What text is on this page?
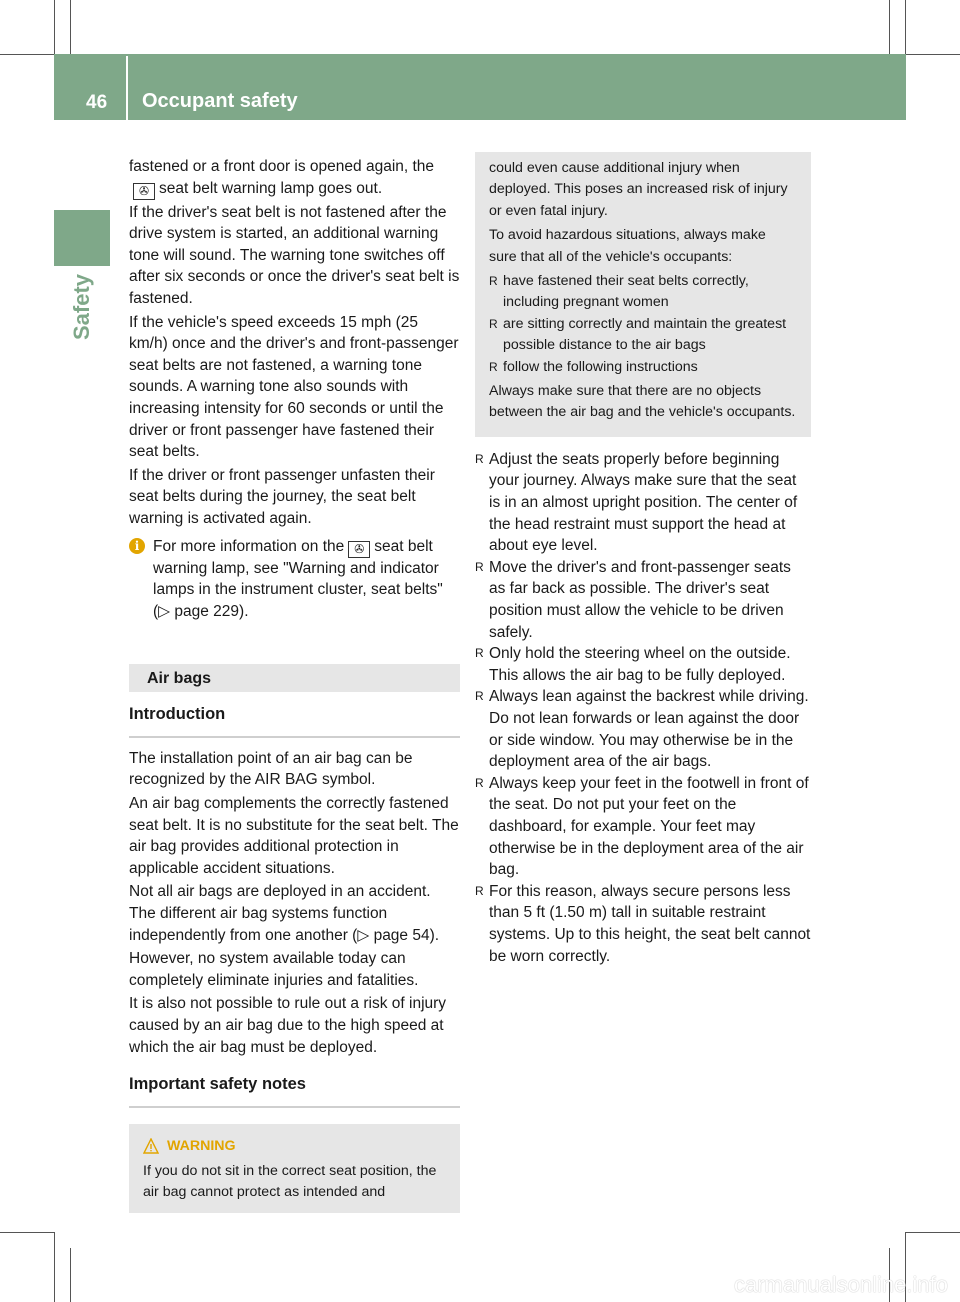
46 Occupant safety
Safety

fastened or a front door is opened again, the
✇ seat belt warning lamp goes out.

If the driver's seat belt is not fastened after the drive system is started, an additional warning tone will sound. The warning tone switches off after six seconds or once the driver's seat belt is fastened.

If the vehicle's speed exceeds 15 mph (25 km/h) once and the driver's and front-passenger seat belts are not fastened, a warning tone sounds. A warning tone also sounds with increasing intensity for 60 seconds or until the driver or front passenger have fastened their seat belts.

If the driver or front passenger unfasten their seat belts during the journey, the seat belt warning is activated again.

i For more information on the ✇ seat belt warning lamp, see "Warning and indicator lamps in the instrument cluster, seat belts" (▷ page 229).
Air bags
Introduction

The installation point of an air bag can be recognized by the AIR BAG symbol.

An air bag complements the correctly fastened seat belt. It is no substitute for the seat belt. The air bag provides additional protection in applicable accident situations.

Not all air bags are deployed in an accident. The different air bag systems function independently from one another (▷ page 54).

However, no system available today can completely eliminate injuries and fatalities.

It is also not possible to rule out a risk of injury caused by an air bag due to the high speed at which the air bag must be deployed.

Important safety notes
WARNING
If you do not sit in the correct seat position, the air bag cannot protect as intended and

could even cause additional injury when deployed. This poses an increased risk of injury or even fatal injury.

To avoid hazardous situations, always make sure that all of the vehicle's occupants:

R have fastened their seat belts correctly, including pregnant women
R are sitting correctly and maintain the greatest possible distance to the air bags
R follow the following instructions

Always make sure that there are no objects between the air bag and the vehicle's occupants.

R Adjust the seats properly before beginning your journey. Always make sure that the seat is in an almost upright position. The center of the head restraint must support the head at about eye level.
R Move the driver's and front-passenger seats as far back as possible. The driver's seat position must allow the vehicle to be driven safely.
R Only hold the steering wheel on the outside. This allows the air bag to be fully deployed.
R Always lean against the backrest while driving. Do not lean forwards or lean against the door or side window. You may otherwise be in the deployment area of the air bags.
R Always keep your feet in the footwell in front of the seat. Do not put your feet on the dashboard, for example. Your feet may otherwise be in the deployment area of the air bag.
R For this reason, always secure persons less than 5 ft (1.50 m) tall in suitable restraint systems. Up to this height, the seat belt cannot be worn correctly.
carmanualsonline.info
